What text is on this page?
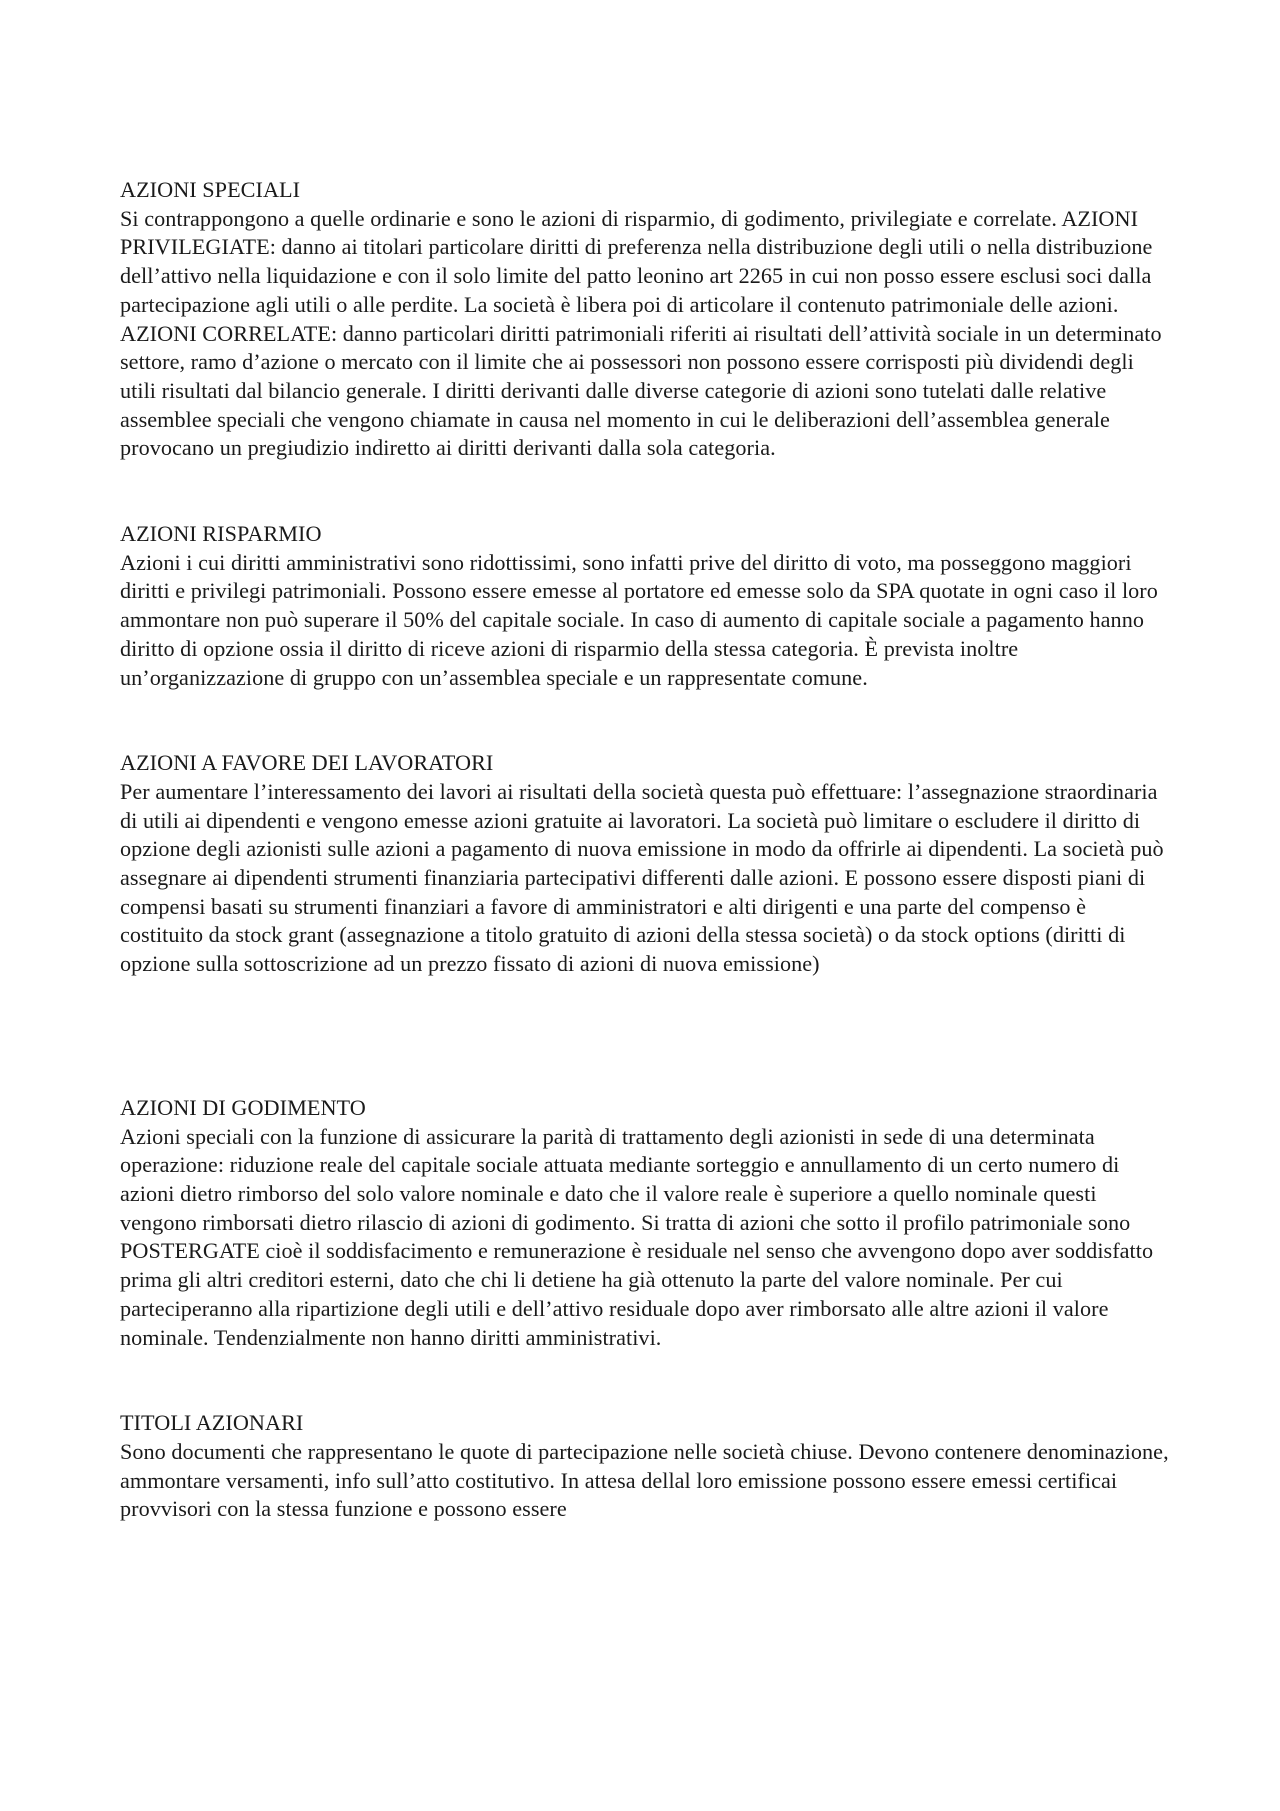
AZIONI SPECIALI

Si contrappongono a quelle ordinarie e sono le azioni di risparmio, di godimento, privilegiate e correlate. AZIONI PRIVILEGIATE: danno ai titolari particolare diritti di preferenza nella distribuzione degli utili o nella distribuzione dell’attivo nella liquidazione e con il solo limite del patto leonino art 2265 in cui non posso essere esclusi soci dalla partecipazione agli utili o alle perdite. La società è libera poi di articolare il contenuto patrimoniale delle azioni. AZIONI CORRELATE: danno particolari diritti patrimoniali riferiti ai risultati dell’attività sociale in un determinato settore, ramo d’azione o mercato con il limite che ai possessori non possono essere corrisposti più dividendi degli utili risultati dal bilancio generale. I diritti derivanti dalle diverse categorie di azioni sono tutelati dalle relative assemblee speciali che vengono chiamate in causa nel momento in cui le deliberazioni dell’assemblea generale provocano un pregiudizio indiretto ai diritti derivanti dalla sola categoria.

AZIONI RISPARMIO

Azioni i cui diritti amministrativi sono ridottissimi, sono infatti prive del diritto di voto, ma posseggono maggiori diritti e privilegi patrimoniali. Possono essere emesse al portatore ed emesse solo da SPA quotate in ogni caso il loro ammontare non può superare il 50% del capitale sociale. In caso di aumento di capitale sociale a pagamento hanno diritto di opzione ossia il diritto di riceve azioni di risparmio della stessa categoria. È prevista inoltre un’organizzazione di gruppo con un’assemblea speciale e un rappresentate comune.

AZIONI A FAVORE DEI LAVORATORI

Per aumentare l’interessamento dei lavori ai risultati della società questa può effettuare: l’assegnazione straordinaria di utili ai dipendenti e vengono emesse azioni gratuite ai lavoratori. La società può limitare o escludere il diritto di opzione degli azionisti sulle azioni a pagamento di nuova emissione in modo da offrirle ai dipendenti. La società può assegnare ai dipendenti strumenti finanziaria partecipativi differenti dalle azioni. E possono essere disposti piani di compensi basati su strumenti finanziari a favore di amministratori e alti dirigenti e una parte del compenso è costituito da stock grant (assegnazione a titolo gratuito di azioni della stessa società) o da stock options (diritti di opzione sulla sottoscrizione ad un prezzo fissato di azioni di nuova emissione)

AZIONI DI GODIMENTO

Azioni speciali con la funzione di assicurare la parità di trattamento degli azionisti in sede di una determinata operazione: riduzione reale del capitale sociale attuata mediante sorteggio e annullamento di un certo numero di azioni dietro rimborso del solo valore nominale e dato che il valore reale è superiore a quello nominale questi vengono rimborsati dietro rilascio di azioni di godimento. Si tratta di azioni che sotto il profilo patrimoniale sono POSTERGATE cioè il soddisfacimento e remunerazione è residuale nel senso che avvengono dopo aver soddisfatto prima gli altri creditori esterni, dato che chi li detiene ha già ottenuto la parte del valore nominale. Per cui parteciperanno alla ripartizione degli utili e dell’attivo residuale dopo aver rimborsato alle altre azioni il valore nominale. Tendenzialmente non hanno diritti amministrativi.

TITOLI AZIONARI

Sono documenti che rappresentano le quote di partecipazione nelle società chiuse. Devono contenere denominazione, ammontare versamenti, info sull’atto costitutivo. In attesa dellal loro emissione possono essere emessi certificai provvisori con la stessa funzione e possono essere
